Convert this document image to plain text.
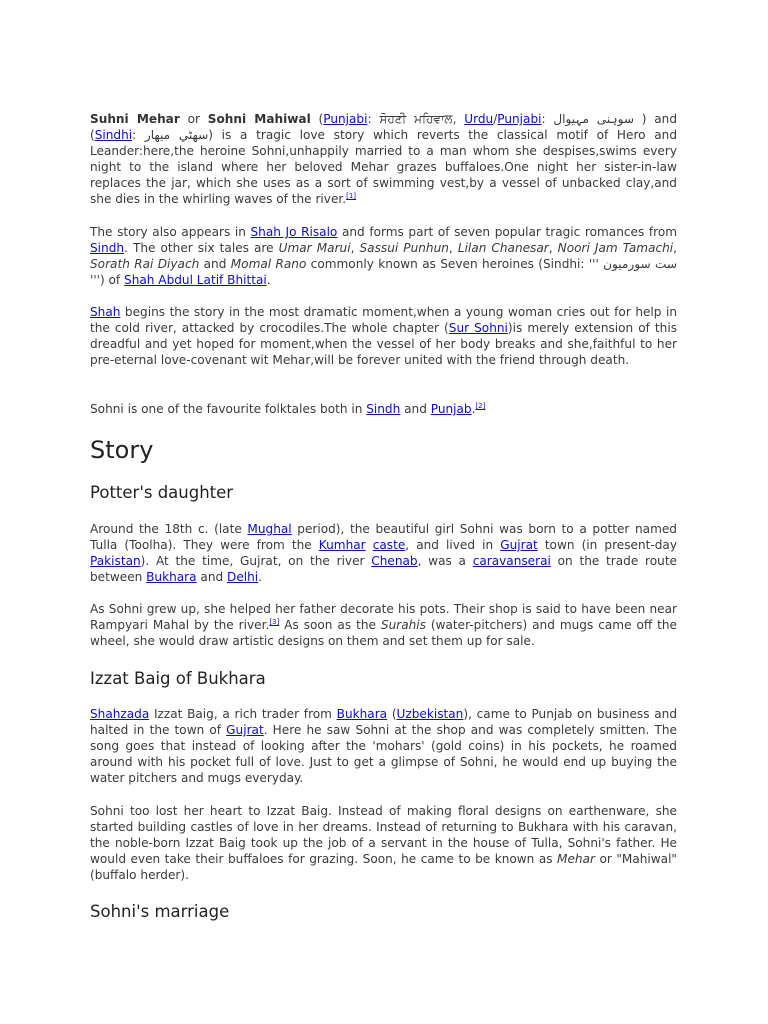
Suhni Mehar or Sohni Mahiwal (Punjabi: ਸੋਹਣੀ ਮਹਿਵਾਲ, Urdu/Punjabi: سوہنی مہیوال ) and (Sindhi: سهڻي ميهار) is a tragic love story which reverts the classical motif of Hero and Leander:here,the heroine Sohni,unhappily married to a man whom she despises,swims every night to the island where her beloved Mehar grazes buffaloes.One night her sister-in-law replaces the jar, which she uses as a sort of swimming vest,by a vessel of unbacked clay,and she dies in the whirling waves of the river.[1]

The story also appears in Shah Jo Risalo and forms part of seven popular tragic romances from Sindh. The other six tales are Umar Marui, Sassui Punhun, Lilan Chanesar, Noori Jam Tamachi, Sorath Rai Diyach and Momal Rano commonly known as Seven heroines (Sindhi: ''' ست سورميون ''') of Shah Abdul Latif Bhittai.

Shah begins the story in the most dramatic moment,when a young woman cries out for help in the cold river, attacked by crocodiles.The whole chapter (Sur Sohni)is merely extension of this dreadful and yet hoped for moment,when the vessel of her body breaks and she,faithful to her pre-eternal love-covenant wit Mehar,will be forever united with the friend through death.

Sohni is one of the favourite folktales both in Sindh and Punjab.[2]

Story
Potter's daughter

Around the 18th c. (late Mughal period), the beautiful girl Sohni was born to a potter named Tulla (Toolha). They were from the Kumhar caste, and lived in Gujrat town (in present-day Pakistan). At the time, Gujrat, on the river Chenab, was a caravanserai on the trade route between Bukhara and Delhi.

As Sohni grew up, she helped her father decorate his pots. Their shop is said to have been near Rampyari Mahal by the river.[3] As soon as the Surahis (water-pitchers) and mugs came off the wheel, she would draw artistic designs on them and set them up for sale.

Izzat Baig of Bukhara

Shahzada Izzat Baig, a rich trader from Bukhara (Uzbekistan), came to Punjab on business and halted in the town of Gujrat. Here he saw Sohni at the shop and was completely smitten. The song goes that instead of looking after the 'mohars' (gold coins) in his pockets, he roamed around with his pocket full of love. Just to get a glimpse of Sohni, he would end up buying the water pitchers and mugs everyday.

Sohni too lost her heart to Izzat Baig. Instead of making floral designs on earthenware, she started building castles of love in her dreams. Instead of returning to Bukhara with his caravan, the noble-born Izzat Baig took up the job of a servant in the house of Tulla, Sohni's father. He would even take their buffaloes for grazing. Soon, he came to be known as Mehar or "Mahiwal" (buffalo herder).

Sohni's marriage
